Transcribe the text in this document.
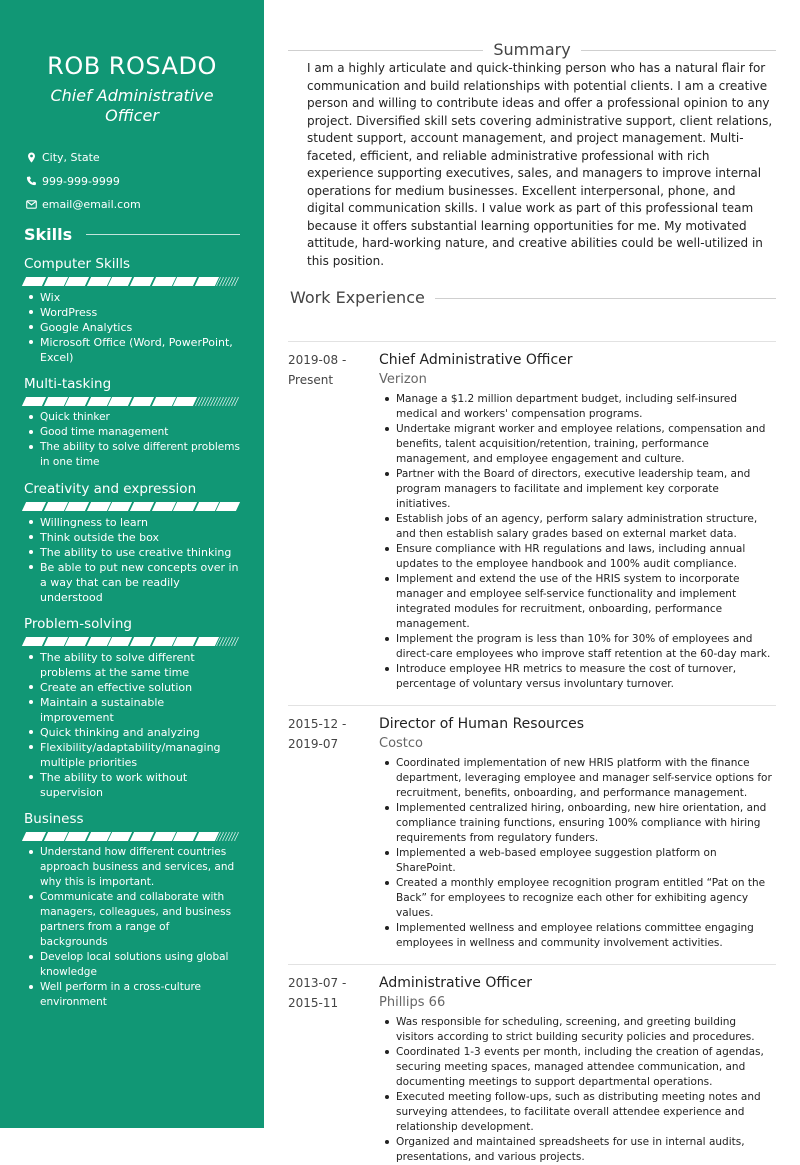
ROB ROSADO
Chief Administrative Officer
City, State
999-999-9999
email@email.com
Skills
Computer Skills
Wix
WordPress
Google Analytics
Microsoft Office (Word, PowerPoint, Excel)
Multi-tasking
Quick thinker
Good time management
The ability to solve different problems in one time
Creativity and expression
Willingness to learn
Think outside the box
The ability to use creative thinking
Be able to put new concepts over in a way that can be readily understood
Problem-solving
The ability to solve different problems at the same time
Create an effective solution
Maintain a sustainable improvement
Quick thinking and analyzing
Flexibility/adaptability/managing multiple priorities
The ability to work without supervision
Business
Understand how different countries approach business and services, and why this is important.
Communicate and collaborate with managers, colleagues, and business partners from a range of backgrounds
Develop local solutions using global knowledge
Well perform in a cross-culture environment
Summary

I am a highly articulate and quick-thinking person who has a natural flair for communication and build relationships with potential clients. I am a creative person and willing to contribute ideas and offer a professional opinion to any project. Diversified skill sets covering administrative support, client relations, student support, account management, and project management. Multi-faceted, efficient, and reliable administrative professional with rich experience supporting executives, sales, and managers to improve internal operations for medium businesses. Excellent interpersonal, phone, and digital communication skills. I value work as part of this professional team because it offers substantial learning opportunities for me. My motivated attitude, hard-working nature, and creative abilities could be well-utilized in this position.

Work Experience
2019-08 -
Present
Chief Administrative Officer
Verizon
Manage a $1.2 million department budget, including self-insured medical and workers' compensation programs.
Undertake migrant worker and employee relations, compensation and benefits, talent acquisition/retention, training, performance management, and employee engagement and culture.
Partner with the Board of directors, executive leadership team, and program managers to facilitate and implement key corporate initiatives.
Establish jobs of an agency, perform salary administration structure, and then establish salary grades based on external market data.
Ensure compliance with HR regulations and laws, including annual updates to the employee handbook and 100% audit compliance.
Implement and extend the use of the HRIS system to incorporate manager and employee self-service functionality and implement integrated modules for recruitment, onboarding, performance management.
Implement the program is less than 10% for 30% of employees and direct-care employees who improve staff retention at the 60-day mark.
Introduce employee HR metrics to measure the cost of turnover, percentage of voluntary versus involuntary turnover.
2015-12 -
2019-07
Director of Human Resources
Costco
Coordinated implementation of new HRIS platform with the finance department, leveraging employee and manager self-service options for recruitment, benefits, onboarding, and performance management.
Implemented centralized hiring, onboarding, new hire orientation, and compliance training functions, ensuring 100% compliance with hiring requirements from regulatory funders.
Implemented a web-based employee suggestion platform on SharePoint.
Created a monthly employee recognition program entitled “Pat on the Back” for employees to recognize each other for exhibiting agency values.
Implemented wellness and employee relations committee engaging employees in wellness and community involvement activities.
2013-07 -
2015-11
Administrative Officer
Phillips 66
Was responsible for scheduling, screening, and greeting building visitors according to strict building security policies and procedures.
Coordinated 1-3 events per month, including the creation of agendas, securing meeting spaces, managed attendee communication, and documenting meetings to support departmental operations.
Executed meeting follow-ups, such as distributing meeting notes and surveying attendees, to facilitate overall attendee experience and relationship development.
Organized and maintained spreadsheets for use in internal audits, presentations, and various projects.
